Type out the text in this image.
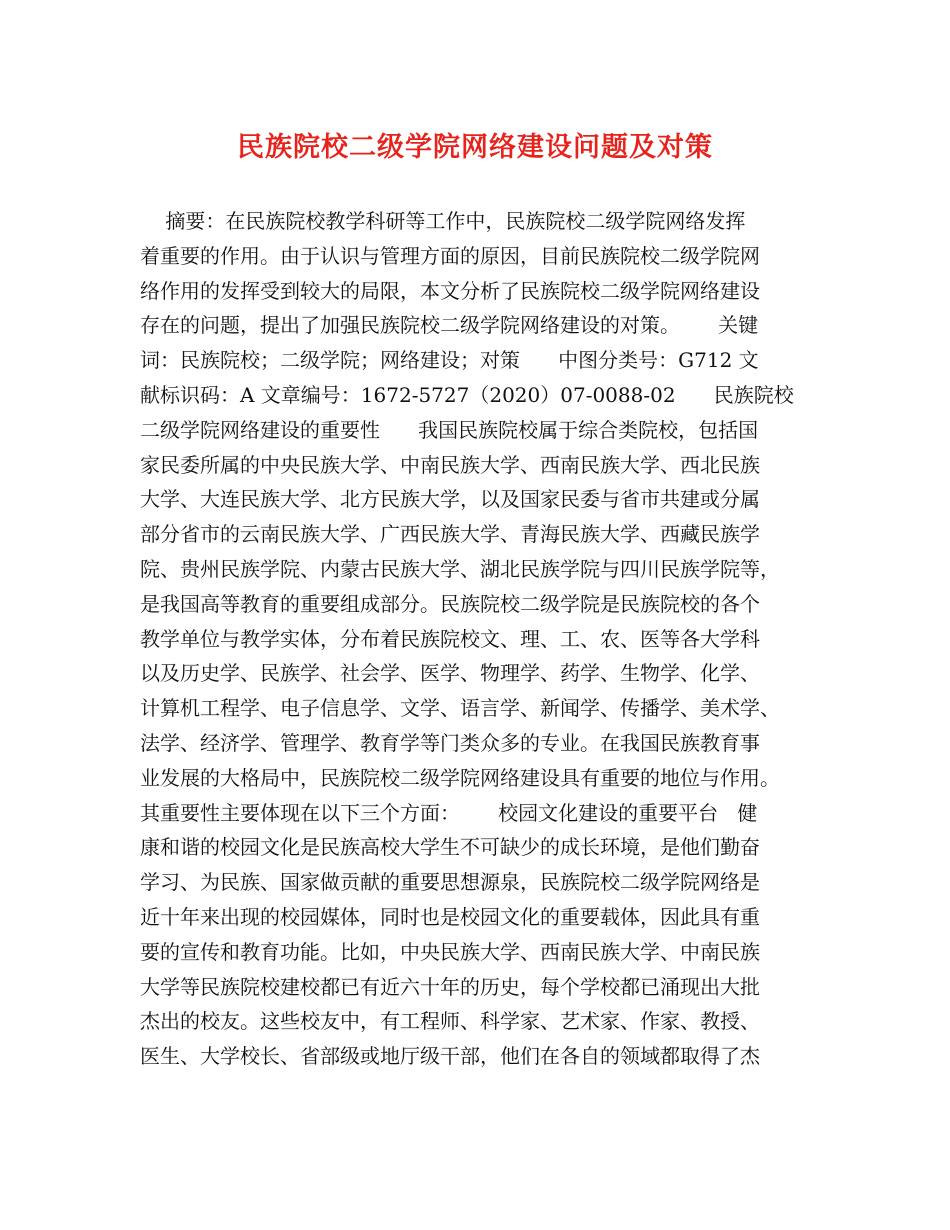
民族院校二级学院网络建设问题及对策
摘要：在民族院校教学科研等工作中，民族院校二级学院网络发挥
着重要的作用。由于认识与管理方面的原因，目前民族院校二级学院网
络作用的发挥受到较大的局限，本文分析了民族院校二级学院网络建设
存在的问题，提出了加强民族院校二级学院网络建设的对策。      关键
词：民族院校；二级学院；网络建设；对策      中图分类号：G712 文
献标识码：A 文章编号：1672-5727（2020）07-0088-02      民族院校
二级学院网络建设的重要性      我国民族院校属于综合类院校，包括国
家民委所属的中央民族大学、中南民族大学、西南民族大学、西北民族
大学、大连民族大学、北方民族大学，以及国家民委与省市共建或分属
部分省市的云南民族大学、广西民族大学、青海民族大学、西藏民族学
院、贵州民族学院、内蒙古民族大学、湖北民族学院与四川民族学院等，
是我国高等教育的重要组成部分。民族院校二级学院是民族院校的各个
教学单位与教学实体，分布着民族院校文、理、工、农、医等各大学科
以及历史学、民族学、社会学、医学、物理学、药学、生物学、化学、
计算机工程学、电子信息学、文学、语言学、新闻学、传播学、美术学、
法学、经济学、管理学、教育学等门类众多的专业。在我国民族教育事
业发展的大格局中，民族院校二级学院网络建设具有重要的地位与作用。
其重要性主要体现在以下三个方面：      校园文化建设的重要平台   健
康和谐的校园文化是民族高校大学生不可缺少的成长环境，是他们勤奋
学习、为民族、国家做贡献的重要思想源泉，民族院校二级学院网络是
近十年来出现的校园媒体，同时也是校园文化的重要载体，因此具有重
要的宣传和教育功能。比如，中央民族大学、西南民族大学、中南民族
大学等民族院校建校都已有近六十年的历史，每个学校都已涌现出大批
杰出的校友。这些校友中，有工程师、科学家、艺术家、作家、教授、
医生、大学校长、省部级或地厅级干部，他们在各自的领域都取得了杰
